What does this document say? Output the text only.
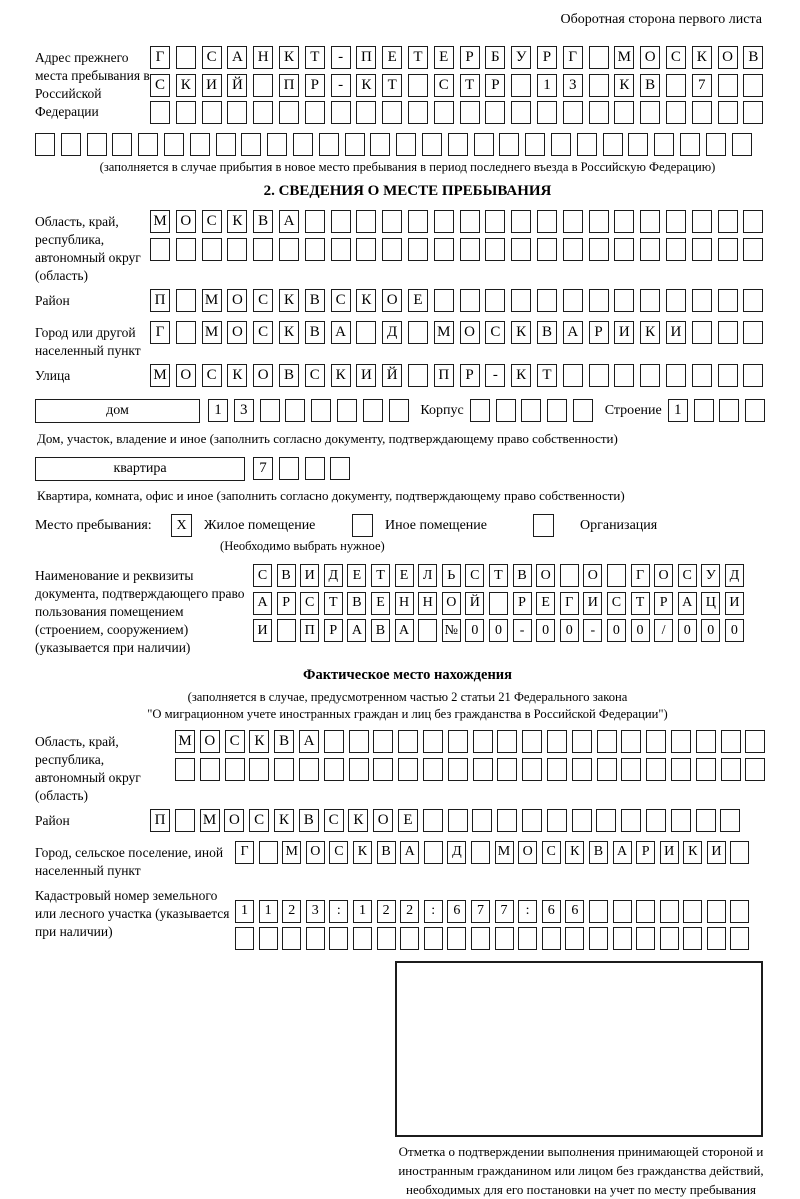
Оборотная сторона первого листа
Адрес прежнего места пребывания в Российской Федерации
Г	С	А Н	К	Т	-	П	Е	Т	Е	Р	Б	У	Р	Г	М О	С	К	О	В
С	К	И Й	П	Р	-	К	Т	С	Т	Р	1	3	К	В	7
(заполняется в случае прибытия в новое место пребывания в период последнего въезда в Российскую Федерацию)
2. СВЕДЕНИЯ О МЕСТЕ ПРЕБЫВАНИЯ
Область, край, республика, автономный округ (область)
М О	С	К	В	А
Район	П	М О	С	К	В	С	К	О	Е
Город или другой населенный пункт
Г	М О	С	К	В	А	Д	М О	С	К	В	А	Р	И	К	И
Улица	М О	С	К	О	В	С	К	И Й	П	Р	-	К	Т
дом	1	3	Корпус	Строение 1
Дом, участок, владение и иное (заполнить согласно документу, подтверждающему право собственности)
квартира	7
Квартира, комната, офис и иное (заполнить согласно документу, подтверждающему право собственности)
Место пребывания:	X	Жилое помещение	Иное помещение	Организация
(Необходимо выбрать нужное)
Наименование и реквизиты документа, подтверждающего право пользования помещением (строением, сооружением) (указывается при наличии)
С	В И Д	Е	Т	Е	Л	Ь	С	Т	В О	О	Г	О С У Д
А	Р	С	Т	В	Е	Н Н О Й	Р	Е	Г	И С	Т	Р	А Ц И
И	П	Р	А В А	№ 0	0	-	0	0	-	0	0	/	0	0	0
Фактическое место нахождения
(заполняется в случае, предусмотренном частью 2 статьи 21 Федерального закона
"О миграционном учете иностранных граждан и лиц без гражданства в Российской Федерации")
Область, край, республика, автономный округ (область)
М О С К В А
Район	П	М О С К В С К О Е
Город, сельское поселение, иной населенный пункт
Г	М О С	К	В А	Д	М О С	К	В А	Р	И К И
Кадастровый номер земельного или лесного участка (указывается при наличии)
1	1	2	3	:	1	2	2	:	6	7	7	:	6	6
Отметка о подтверждении выполнения принимающей стороной и иностранным гражданином или лицом без гражданства действий, необходимых для его постановки на учет по месту пребывания
